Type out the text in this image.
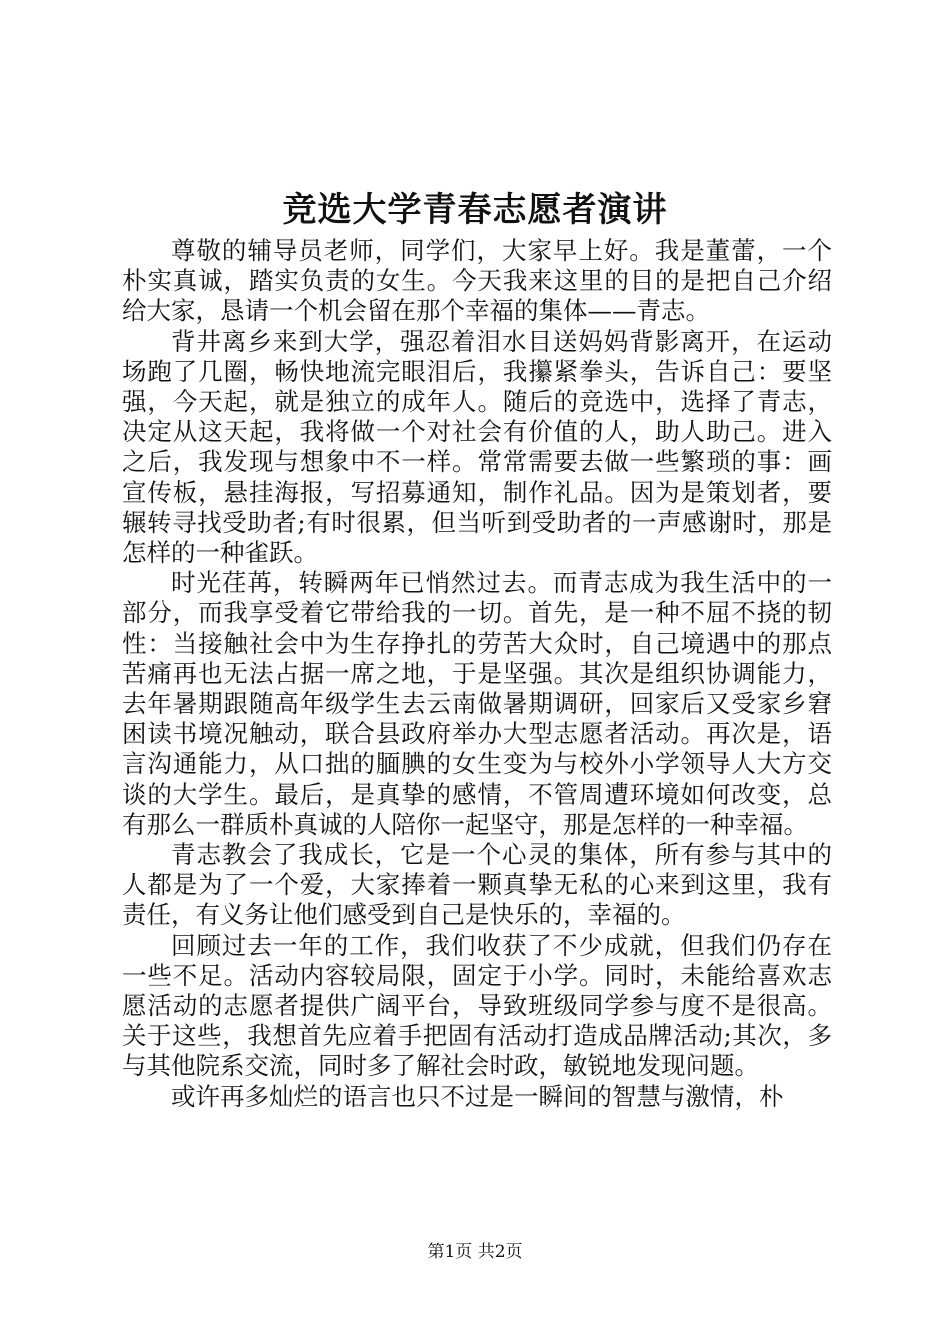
竞选大学青春志愿者演讲

尊敬的辅导员老师，同学们，大家早上好。我是董蕾，一个朴实真诚，踏实负责的女生。今天我来这里的目的是把自己介绍给大家，恳请一个机会留在那个幸福的集体——青志。

背井离乡来到大学，强忍着泪水目送妈妈背影离开，在运动场跑了几圈，畅快地流完眼泪后，我攥紧拳头，告诉自己：要坚强，今天起，就是独立的成年人。随后的竞选中，选择了青志，决定从这天起，我将做一个对社会有价值的人，助人助己。进入之后，我发现与想象中不一样。常常需要去做一些繁琐的事：画宣传板，悬挂海报，写招募通知，制作礼品。因为是策划者，要辗转寻找受助者;有时很累，但当听到受助者的一声感谢时，那是怎样的一种雀跃。

时光荏苒，转瞬两年已悄然过去。而青志成为我生活中的一部分，而我享受着它带给我的一切。首先，是一种不屈不挠的韧性：当接触社会中为生存挣扎的劳苦大众时，自己境遇中的那点苦痛再也无法占据一席之地，于是坚强。其次是组织协调能力，去年暑期跟随高年级学生去云南做暑期调研，回家后又受家乡窘困读书境况触动，联合县政府举办大型志愿者活动。再次是，语言沟通能力，从口拙的腼腆的女生变为与校外小学领导人大方交谈的大学生。最后，是真挚的感情，不管周遭环境如何改变，总有那么一群质朴真诚的人陪你一起坚守，那是怎样的一种幸福。

青志教会了我成长，它是一个心灵的集体，所有参与其中的人都是为了一个爱，大家捧着一颗真挚无私的心来到这里，我有责任，有义务让他们感受到自己是快乐的，幸福的。

回顾过去一年的工作，我们收获了不少成就，但我们仍存在一些不足。活动内容较局限，固定于小学。同时，未能给喜欢志愿活动的志愿者提供广阔平台，导致班级同学参与度不是很高。关于这些，我想首先应着手把固有活动打造成品牌活动;其次，多与其他院系交流，同时多了解社会时政，敏锐地发现问题。

或许再多灿烂的语言也只不过是一瞬间的智慧与激情，朴

第1页 共2页
